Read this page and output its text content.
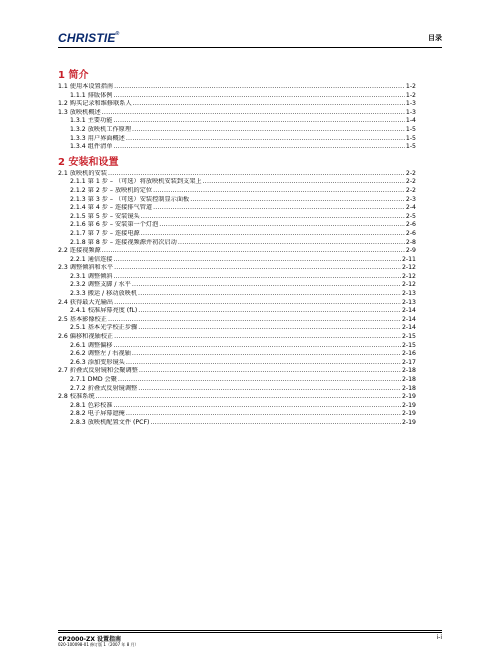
CHRISTIE®	目录
1 简介
1.1 使用本设置指南 .....	1-2
1.1.1 排版体例 .....	1-2
1.2 购买记录和维修联系人 .....	1-3
1.3 放映机概述 .....	1-3
1.3.1 主要功能 .....	1-4
1.3.2 放映机工作原理 .....	1-5
1.3.3 用户界面概述 .....	1-5
1.3.4 组件清单 .....	1-5
2 安装和设置
2.1 放映机的安装 .....	2-2
2.1.1 第 1 步 – （可选）将放映机安装到支架上 .....	2-2
2.1.2 第 2 步 – 放映机的定位 .....	2-2
2.1.3 第 3 步 – （可选）安装控制显示面板 .....	2-3
2.1.4 第 4 步 – 连接排气管道 .....	2-4
2.1.5 第 5 步 – 安装镜头 .....	2-5
2.1.6 第 6 步 – 安装第一个灯泡 .....	2-6
2.1.7 第 7 步 – 连接电源 .....	2-6
2.1.8 第 8 步 – 连接视频源并初次启动 .....	2-8
2.2 连接视频源 .....	2-9
2.2.1 通信连接 .....	2-11
2.3 调整倾斜和水平 .....	2-12
2.3.1 调整倾斜 .....	2-12
2.3.2 调整支脚 / 水平 .....	2-12
2.3.3 搬运 / 移动放映机 .....	2-13
2.4 获得最大光输出 .....	2-13
2.4.1 校准屏幕亮度 (fL) .....	2-14
2.5 基本影像校正 .....	2-14
2.5.1 基本光学校正步骤 .....	2-14
2.6 偏移和视轴校正 .....	2-15
2.6.1 调整偏移 .....	2-15
2.6.2 调整左 / 右视轴 .....	2-16
2.6.3 添加变形镜头 .....	2-17
2.7 折叠式反射镜和会聚调整 .....	2-18
2.7.1 DMD 会聚 .....	2-18
2.7.2 折叠式反射镜调整 .....	2-18
2.8 校准系统 .....	2-19
2.8.1 色彩校准 .....	2-19
2.8.2 电子屏幕遮掩 .....	2-19
2.8.3 放映机配置文件 (PCF) .....	2-19
CP2000-ZX 设置指南
020-100098-01 修订版 1（2007 年 8 月）
i-i
